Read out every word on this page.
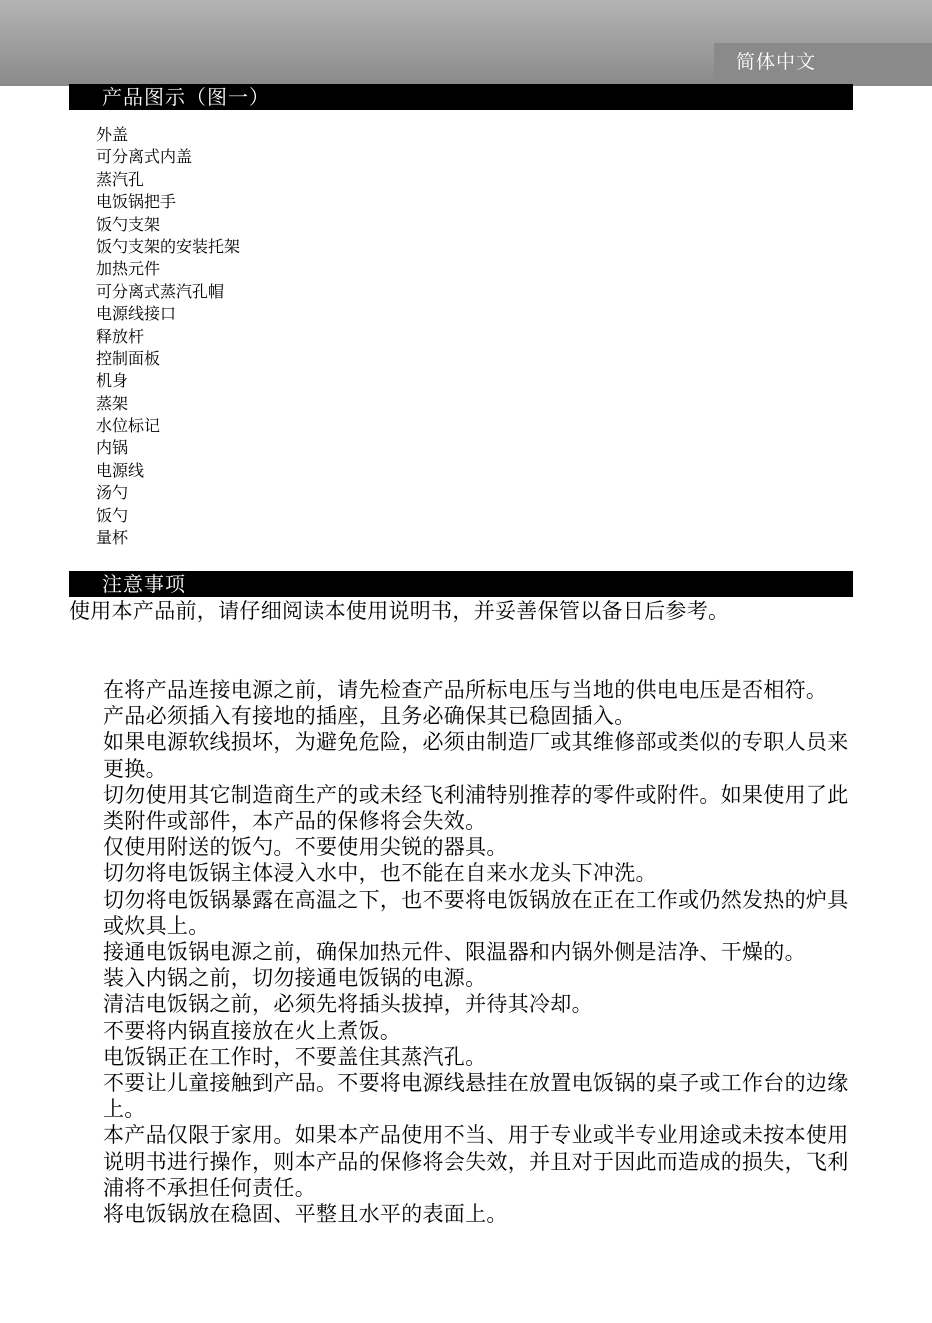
简体中文
产品图示（图一）
外盖
可分离式内盖
蒸汽孔
电饭锅把手
饭勺支架
饭勺支架的安装托架
加热元件
可分离式蒸汽孔帽
电源线接口
释放杆
控制面板
机身
蒸架
水位标记
内锅
电源线
汤勺
饭勺
量杯
注意事项

使用本产品前，请仔细阅读本使用说明书，并妥善保管以备日后参考。

在将产品连接电源之前，请先检查产品所标电压与当地的供电电压是否相符。
产品必须插入有接地的插座，且务必确保其已稳固插入。
如果电源软线损坏，为避免危险，必须由制造厂或其维修部或类似的专职人员来更换。
切勿使用其它制造商生产的或未经飞利浦特别推荐的零件或附件。如果使用了此类附件或部件，本产品的保修将会失效。
仅使用附送的饭勺。不要使用尖锐的器具。
切勿将电饭锅主体浸入水中，也不能在自来水龙头下冲洗。
切勿将电饭锅暴露在高温之下，也不要将电饭锅放在正在工作或仍然发热的炉具或炊具上。
接通电饭锅电源之前，确保加热元件、限温器和内锅外侧是洁净、干燥的。
装入内锅之前，切勿接通电饭锅的电源。
清洁电饭锅之前，必须先将插头拔掉，并待其冷却。
不要将内锅直接放在火上煮饭。
电饭锅正在工作时，不要盖住其蒸汽孔。
不要让儿童接触到产品。不要将电源线悬挂在放置电饭锅的桌子或工作台的边缘上。
本产品仅限于家用。如果本产品使用不当、用于专业或半专业用途或未按本使用说明书进行操作，则本产品的保修将会失效，并且对于因此而造成的损失，飞利浦将不承担任何责任。
将电饭锅放在稳固、平整且水平的表面上。
